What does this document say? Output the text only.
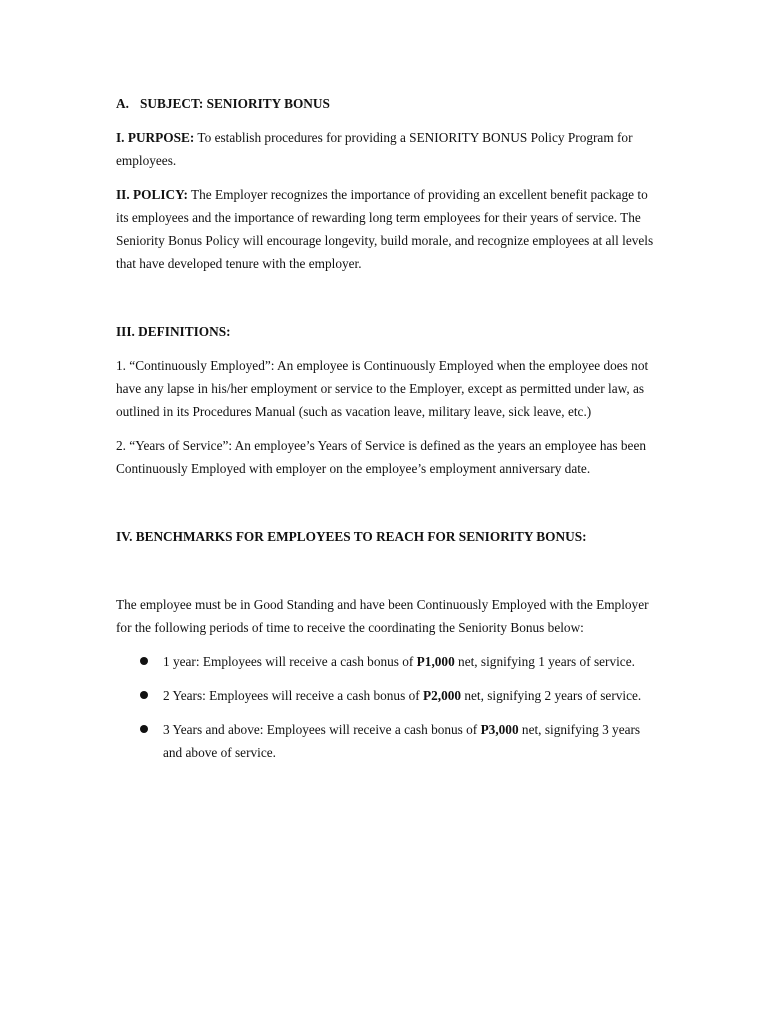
A. SUBJECT: SENIORITY BONUS

I. PURPOSE: To establish procedures for providing a SENIORITY BONUS Policy Program for employees.

II. POLICY: The Employer recognizes the importance of providing an excellent benefit package to its employees and the importance of rewarding long term employees for their years of service. The Seniority Bonus Policy will encourage longevity, build morale, and recognize employees at all levels that have developed tenure with the employer.

III. DEFINITIONS:

1. “Continuously Employed”: An employee is Continuously Employed when the employee does not have any lapse in his/her employment or service to the Employer, except as permitted under law, as outlined in its Procedures Manual (such as vacation leave, military leave, sick leave, etc.)

2. “Years of Service”: An employee’s Years of Service is defined as the years an employee has been Continuously Employed with employer on the employee’s employment anniversary date.

IV. BENCHMARKS FOR EMPLOYEES TO REACH FOR SENIORITY BONUS:

The employee must be in Good Standing and have been Continuously Employed with the Employer for the following periods of time to receive the coordinating the Seniority Bonus below:

1 year: Employees will receive a cash bonus of P1,000 net, signifying 1 years of service.
2 Years: Employees will receive a cash bonus of P2,000 net, signifying 2 years of service.
3 Years and above: Employees will receive a cash bonus of P3,000 net, signifying 3 years and above of service.
